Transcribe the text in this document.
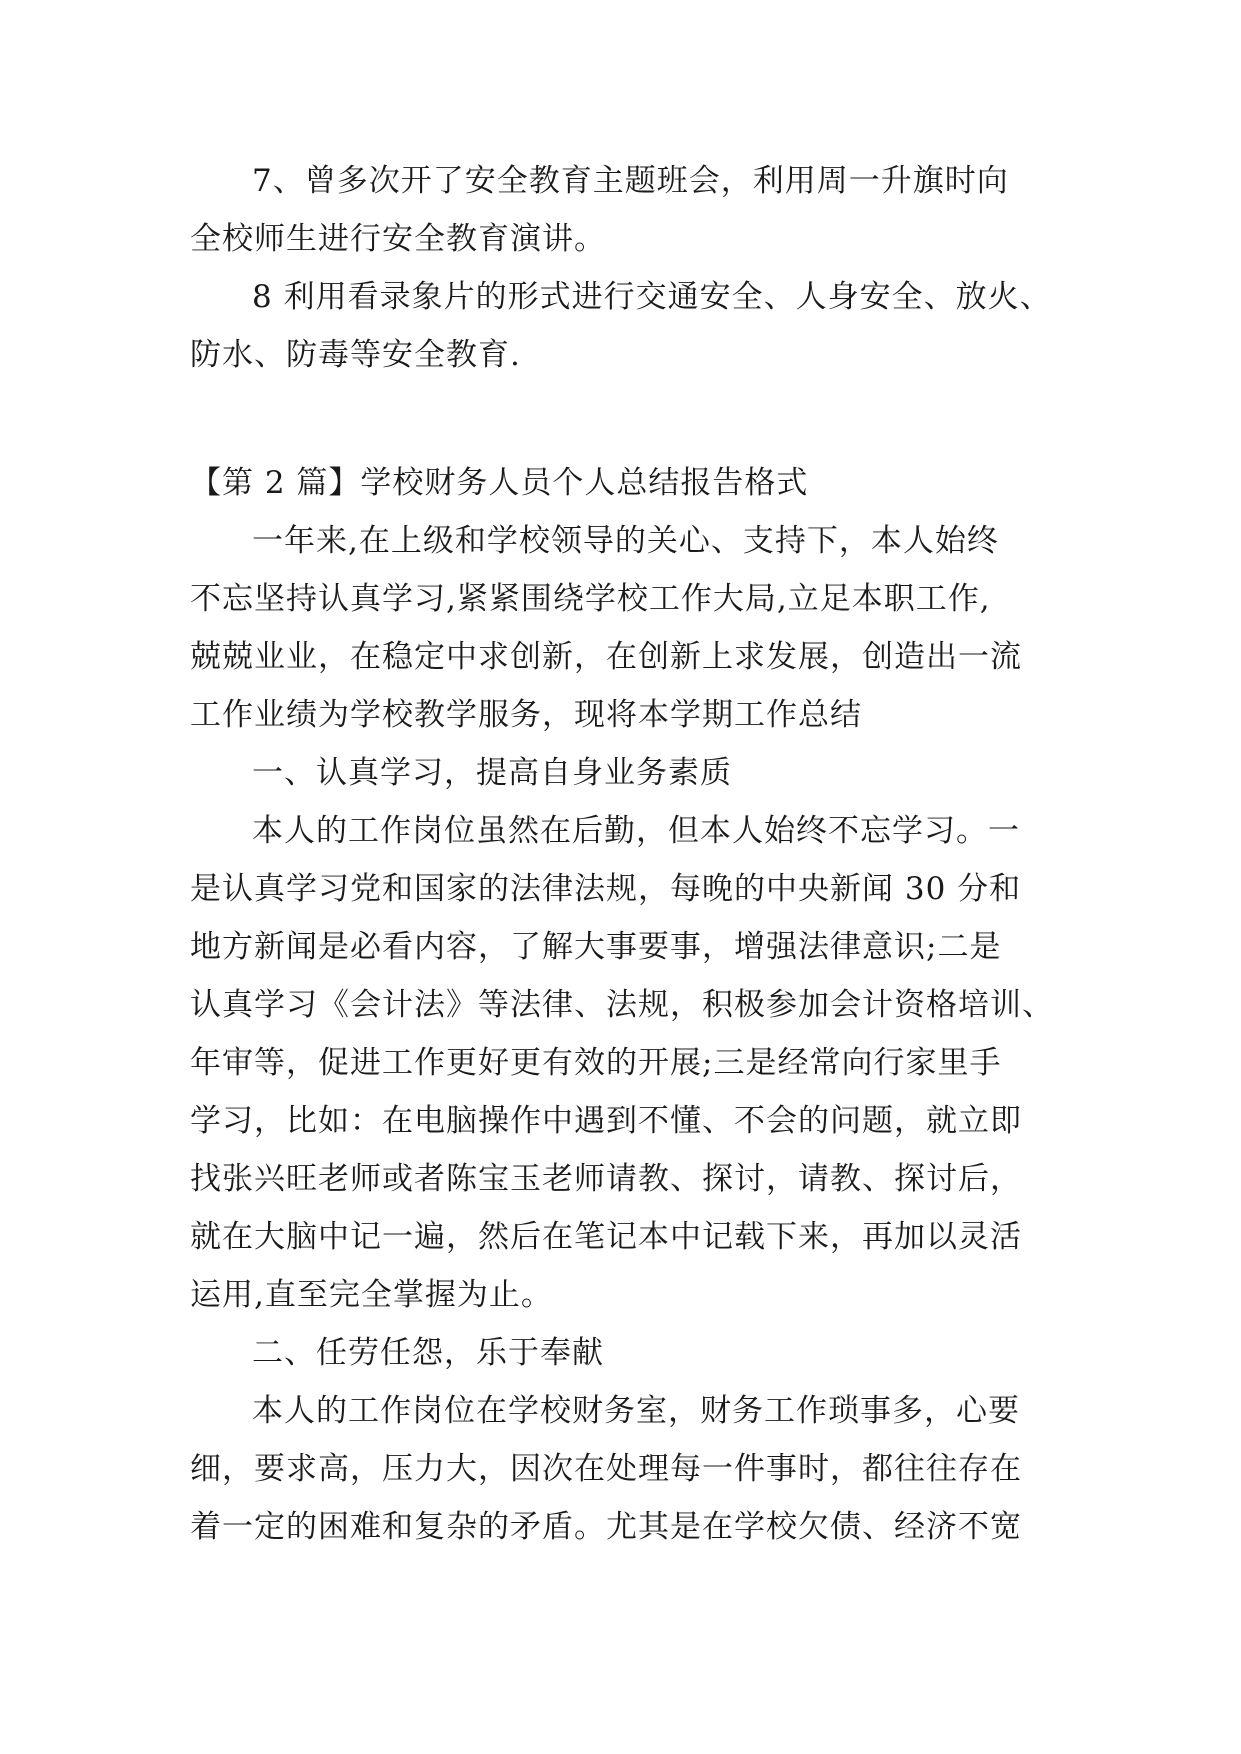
7、曾多次开了安全教育主题班会，利用周一升旗时向
全校师生进行安全教育演讲。
8 利用看录象片的形式进行交通安全、人身安全、放火、
防水、防毒等安全教育.
【第 2 篇】学校财务人员个人总结报告格式
一年来,在上级和学校领导的关心、支持下，本人始终
不忘坚持认真学习,紧紧围绕学校工作大局,立足本职工作,
兢兢业业，在稳定中求创新，在创新上求发展，创造出一流
工作业绩为学校教学服务，现将本学期工作总结
一、认真学习，提高自身业务素质
本人的工作岗位虽然在后勤，但本人始终不忘学习。一
是认真学习党和国家的法律法规，每晚的中央新闻 30 分和
地方新闻是必看内容，了解大事要事，增强法律意识;二是
认真学习《会计法》等法律、法规，积极参加会计资格培训、
年审等，促进工作更好更有效的开展;三是经常向行家里手
学习，比如：在电脑操作中遇到不懂、不会的问题，就立即
找张兴旺老师或者陈宝玉老师请教、探讨，请教、探讨后，
就在大脑中记一遍，然后在笔记本中记载下来，再加以灵活
运用,直至完全掌握为止。
二、任劳任怨，乐于奉献
本人的工作岗位在学校财务室，财务工作琐事多，心要
细，要求高，压力大，因次在处理每一件事时，都往往存在
着一定的困难和复杂的矛盾。尤其是在学校欠债、经济不宽
